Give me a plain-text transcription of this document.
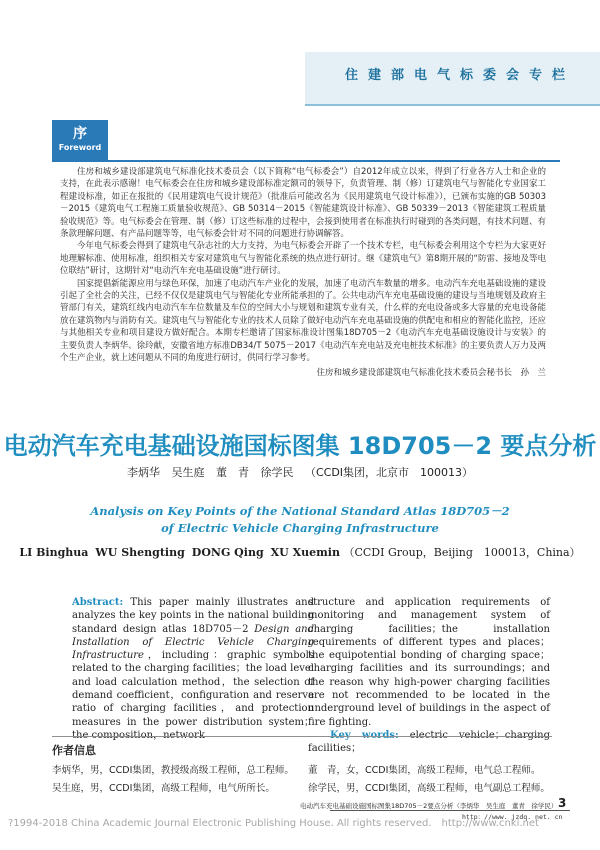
住建部电气标委会专栏
序
Foreword

住房和城乡建设部建筑电气标准化技术委员会（以下简称“电气标委会”）自2012年成立以来，得到了行业各方人士和企业的支持，在此表示感谢！电气标委会在住房和城乡建设部标准定额司的领导下，负责管理、制（修）订建筑电气与智能化专业国家工程建设标准，如正在报批的《民用建筑电气设计规范》（批准后可能改名为《民用建筑电气设计标准》），已颁布实施的GB 50303－2015《建筑电气工程施工质量验收规范》、GB 50314－2015《智能建筑设计标准》、GB 50339－2013《智能建筑工程质量验收规范》等。电气标委会在管理、制（修）订这些标准的过程中，会接到使用者在标准执行时碰到的各类问题，有技术问题、有条款理解问题、有产品问题等等，电气标委会针对不同的问题进行协调解答。

今年电气标委会得到了建筑电气杂志社的大力支持，为电气标委会开辟了一个技术专栏，电气标委会利用这个专栏为大家更好地理解标准、使用标准，组织相关专家对建筑电气与智能化系统的热点进行研讨。继《建筑电气》第8期开展的“防雷、接地及等电位联结”研讨，这期针对“电动汽车充电基础设施”进行研讨。

国家提倡新能源应用与绿色环保，加速了电动汽车产业化的发展，加速了电动汽车数量的增多。电动汽车充电基础设施的建设引起了全社会的关注，已经不仅仅是建筑电气与智能化专业所能承担的了。公共电动汽车充电基础设施的建设与当地规划及政府主管部门有关，建筑红线内电动汽车车位数量及车位的空间大小与规划和建筑专业有关，什么样的充电设备或多大容量的充电设备能放在建筑物内与消防有关。建筑电气与智能化专业的技术人员除了做好电动汽车充电基础设施的供配电和相应的智能化监控，还应与其他相关专业和项目建设方做好配合。本期专栏邀请了国家标准设计图集18D705－2《电动汽车充电基础设施设计与安装》的主要负责人李炳华、徐玲献，安徽省地方标准DB34/T 5075－2017《电动汽车充电站及充电桩技术标准》的主要负责人万力及两个生产企业，就上述问题从不同的角度进行研讨，供同行学习参考。

住房和城乡建设部建筑电气标准化技术委员会秘书长　孙　兰

电动汽车充电基础设施国标图集 18D705－2 要点分析
李炳华 吴生庭 董　青 徐学民 （CCDI集团，北京市　100013）
Analysis on Key Points of the National Standard Atlas 18D705－2
of Electric Vehicle Charging Infrastructure
LI Binghua WU Shengting DONG Qing XU Xuemin （CCDI Group，Beijing　100013，China）
Abstract: This paper mainly illustrates and analyzes the key points in the national building standard design atlas 18D705－2 Design and Installation of Electric Vehicle Charging Infrastructure，including：graphic symbols related to the charging facilities；the load level and load calculation method，the selection of demand coefficient，configuration and reserve ratio of charging facilities，and protection measures in the power distribution system；
structure and application requirements of monitoring and management system of charging facilities；the installation requirements of different types and places；the equipotential bonding of charging space；charging facilities and its surroundings；and the reason why high-power charging facilities are not recommended to be located in the underground level of buildings in the aspect of fire fighting.
facilities；
作者信息
李炳华，男，CCDI集团，教授级高级工程师，总工程师。
吴生庭，男，CCDI集团，高级工程师，电气所所长。
董　青，女，CCDI集团，高级工程师，电气总工程师。
徐学民，男，CCDI集团，高级工程师，电气副总工程师。
3
电动汽车充电基础设施国标图集18D705－2要点分析（李炳华　吴生庭　董青　徐学民）
?1994-2018 China Academic Journal Electronic Publishing House. All rights reserved.　http://www.cnki.net
http：//www. jzdq. net. cn
